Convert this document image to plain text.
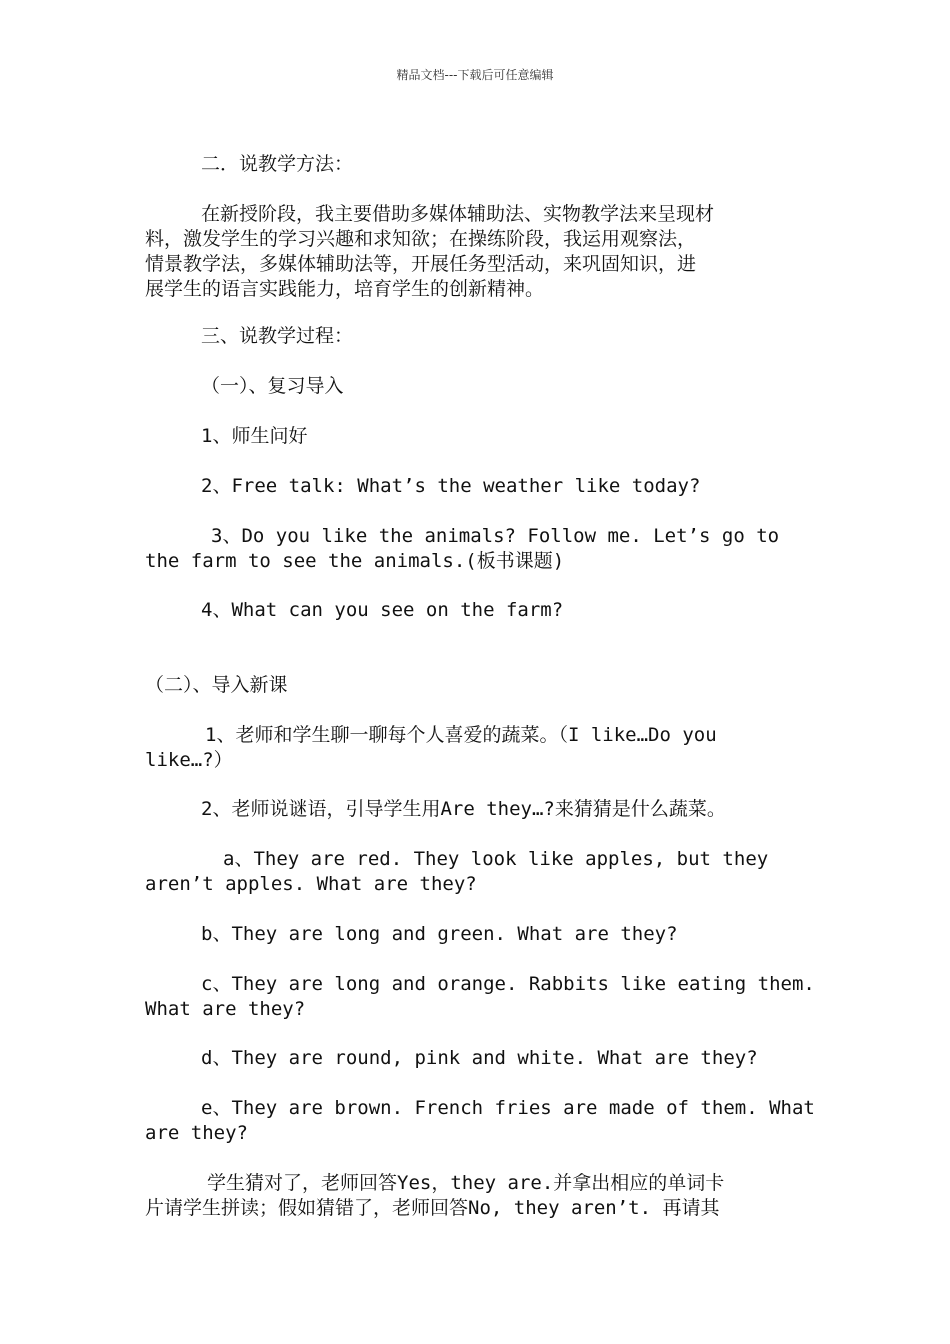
精品文档---下载后可任意编辑
二．说教学方法：
在新授阶段，我主要借助多媒体辅助法、实物教学法来呈现材
料，激发学生的学习兴趣和求知欲；在操练阶段，我运用观察法，
情景教学法，多媒体辅助法等，开展任务型活动，来巩固知识，进
展学生的语言实践能力，培育学生的创新精神。
三、说教学过程：
（一）、复习导入
1、师生问好
2、Free talk: What’s the weather like today?
3、Do you like the animals? Follow me. Let’s go to
the farm to see the animals.(板书课题)
4、What can you see on the farm?
（二）、导入新课
1、老师和学生聊一聊每个人喜爱的蔬菜。（I like…Do you
like…?）
2、老师说谜语，引导学生用Are they…?来猜猜是什么蔬菜。
a、They are red. They look like apples, but they
aren’t apples. What are they?
b、They are long and green. What are they?
c、They are long and orange. Rabbits like eating them.
What are they?
d、They are round, pink and white. What are they?
e、They are brown. French fries are made of them. What
are they?
学生猜对了，老师回答Yes，they are.并拿出相应的单词卡
片请学生拼读；假如猜错了，老师回答No, they aren’t. 再请其
